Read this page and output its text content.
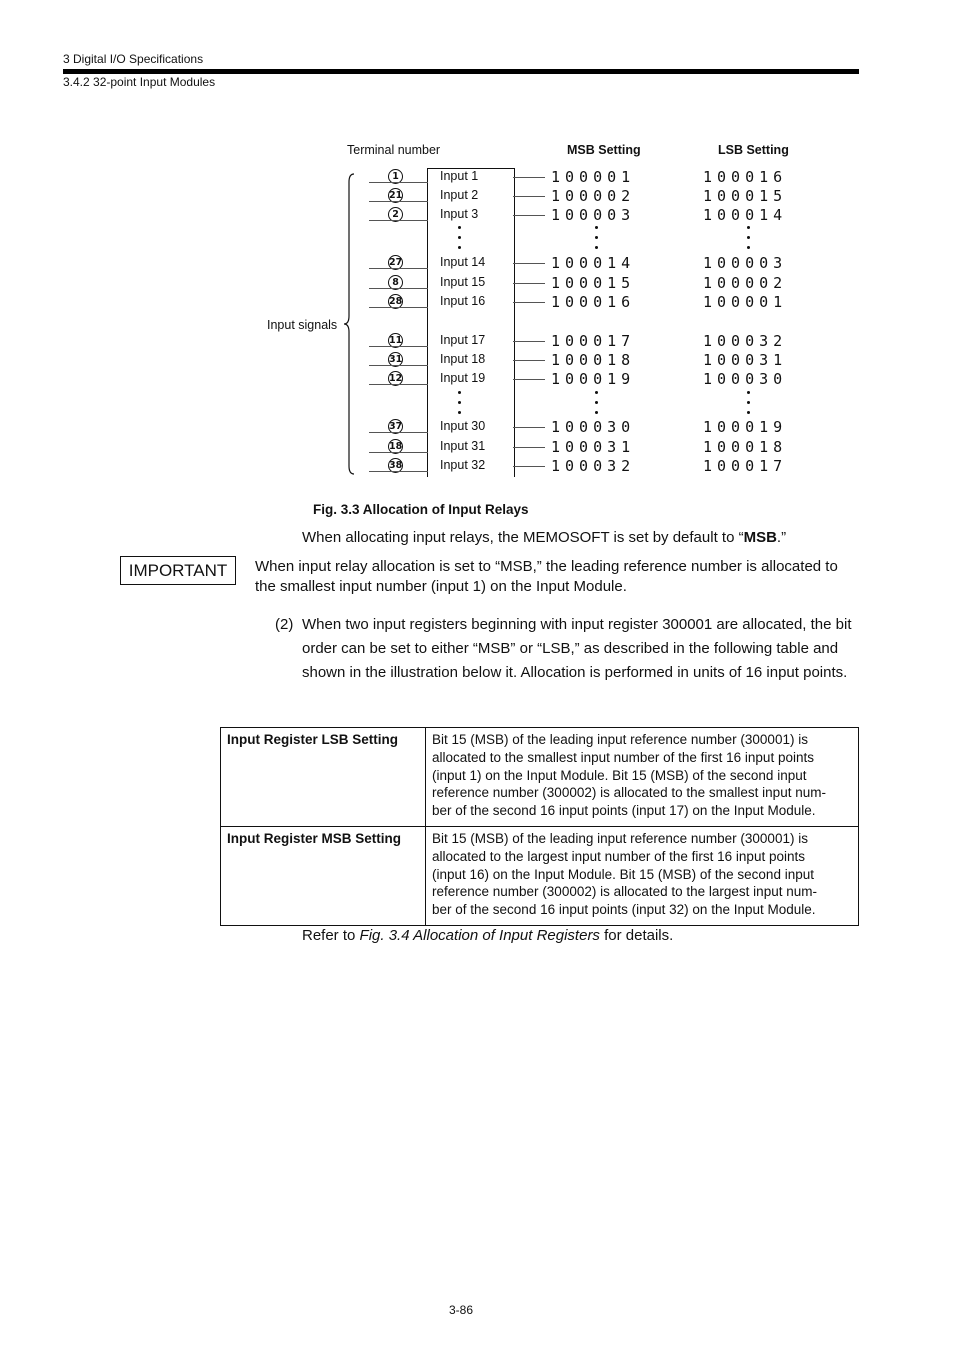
3 Digital I/O Specifications
3.4.2 32-point Input Modules
Terminal number	MSB Setting	LSB Setting
Input signals
1	Input 1	100001	100016
21	Input 2	100002	100015
2	Input 3	100003	100014
27	Input 14	100014	100003
8	Input 15	100015	100002
28	Input 16	100016	100001
11	Input 17	100017	100032
31	Input 18	100018	100031
12	Input 19	100019	100030
37	Input 30	100030	100019
18	Input 31	100031	100018
38	Input 32	100032	100017
Fig. 3.3 Allocation of Input Relays
When allocating input relays, the MEMOSOFT is set by default to “MSB.”
IMPORTANT	When input relay allocation is set to “MSB,” the leading reference number is allocated to the smallest input number (input 1) on the Input Module.
(2) When two input registers beginning with input register 300001 are allocated, the bit order can be set to either “MSB” or “LSB,” as described in the following table and shown in the illustration below it. Allocation is performed in units of 16 input points.
Input Register LSB Setting	Bit 15 (MSB) of the leading input reference number (300001) is
allocated to the smallest input number of the first 16 input points
(input 1) on the Input Module. Bit 15 (MSB) of the second input
reference number (300002) is allocated to the smallest input num-
ber of the second 16 input points (input 17) on the Input Module.

Input Register MSB Setting	Bit 15 (MSB) of the leading input reference number (300001) is
allocated to the largest input number of the first 16 input points
(input 16) on the Input Module. Bit 15 (MSB) of the second input
reference number (300002) is allocated to the largest input num-
ber of the second 16 input points (input 32) on the Input Module.
Refer to Fig. 3.4 Allocation of Input Registers for details.
3-86
